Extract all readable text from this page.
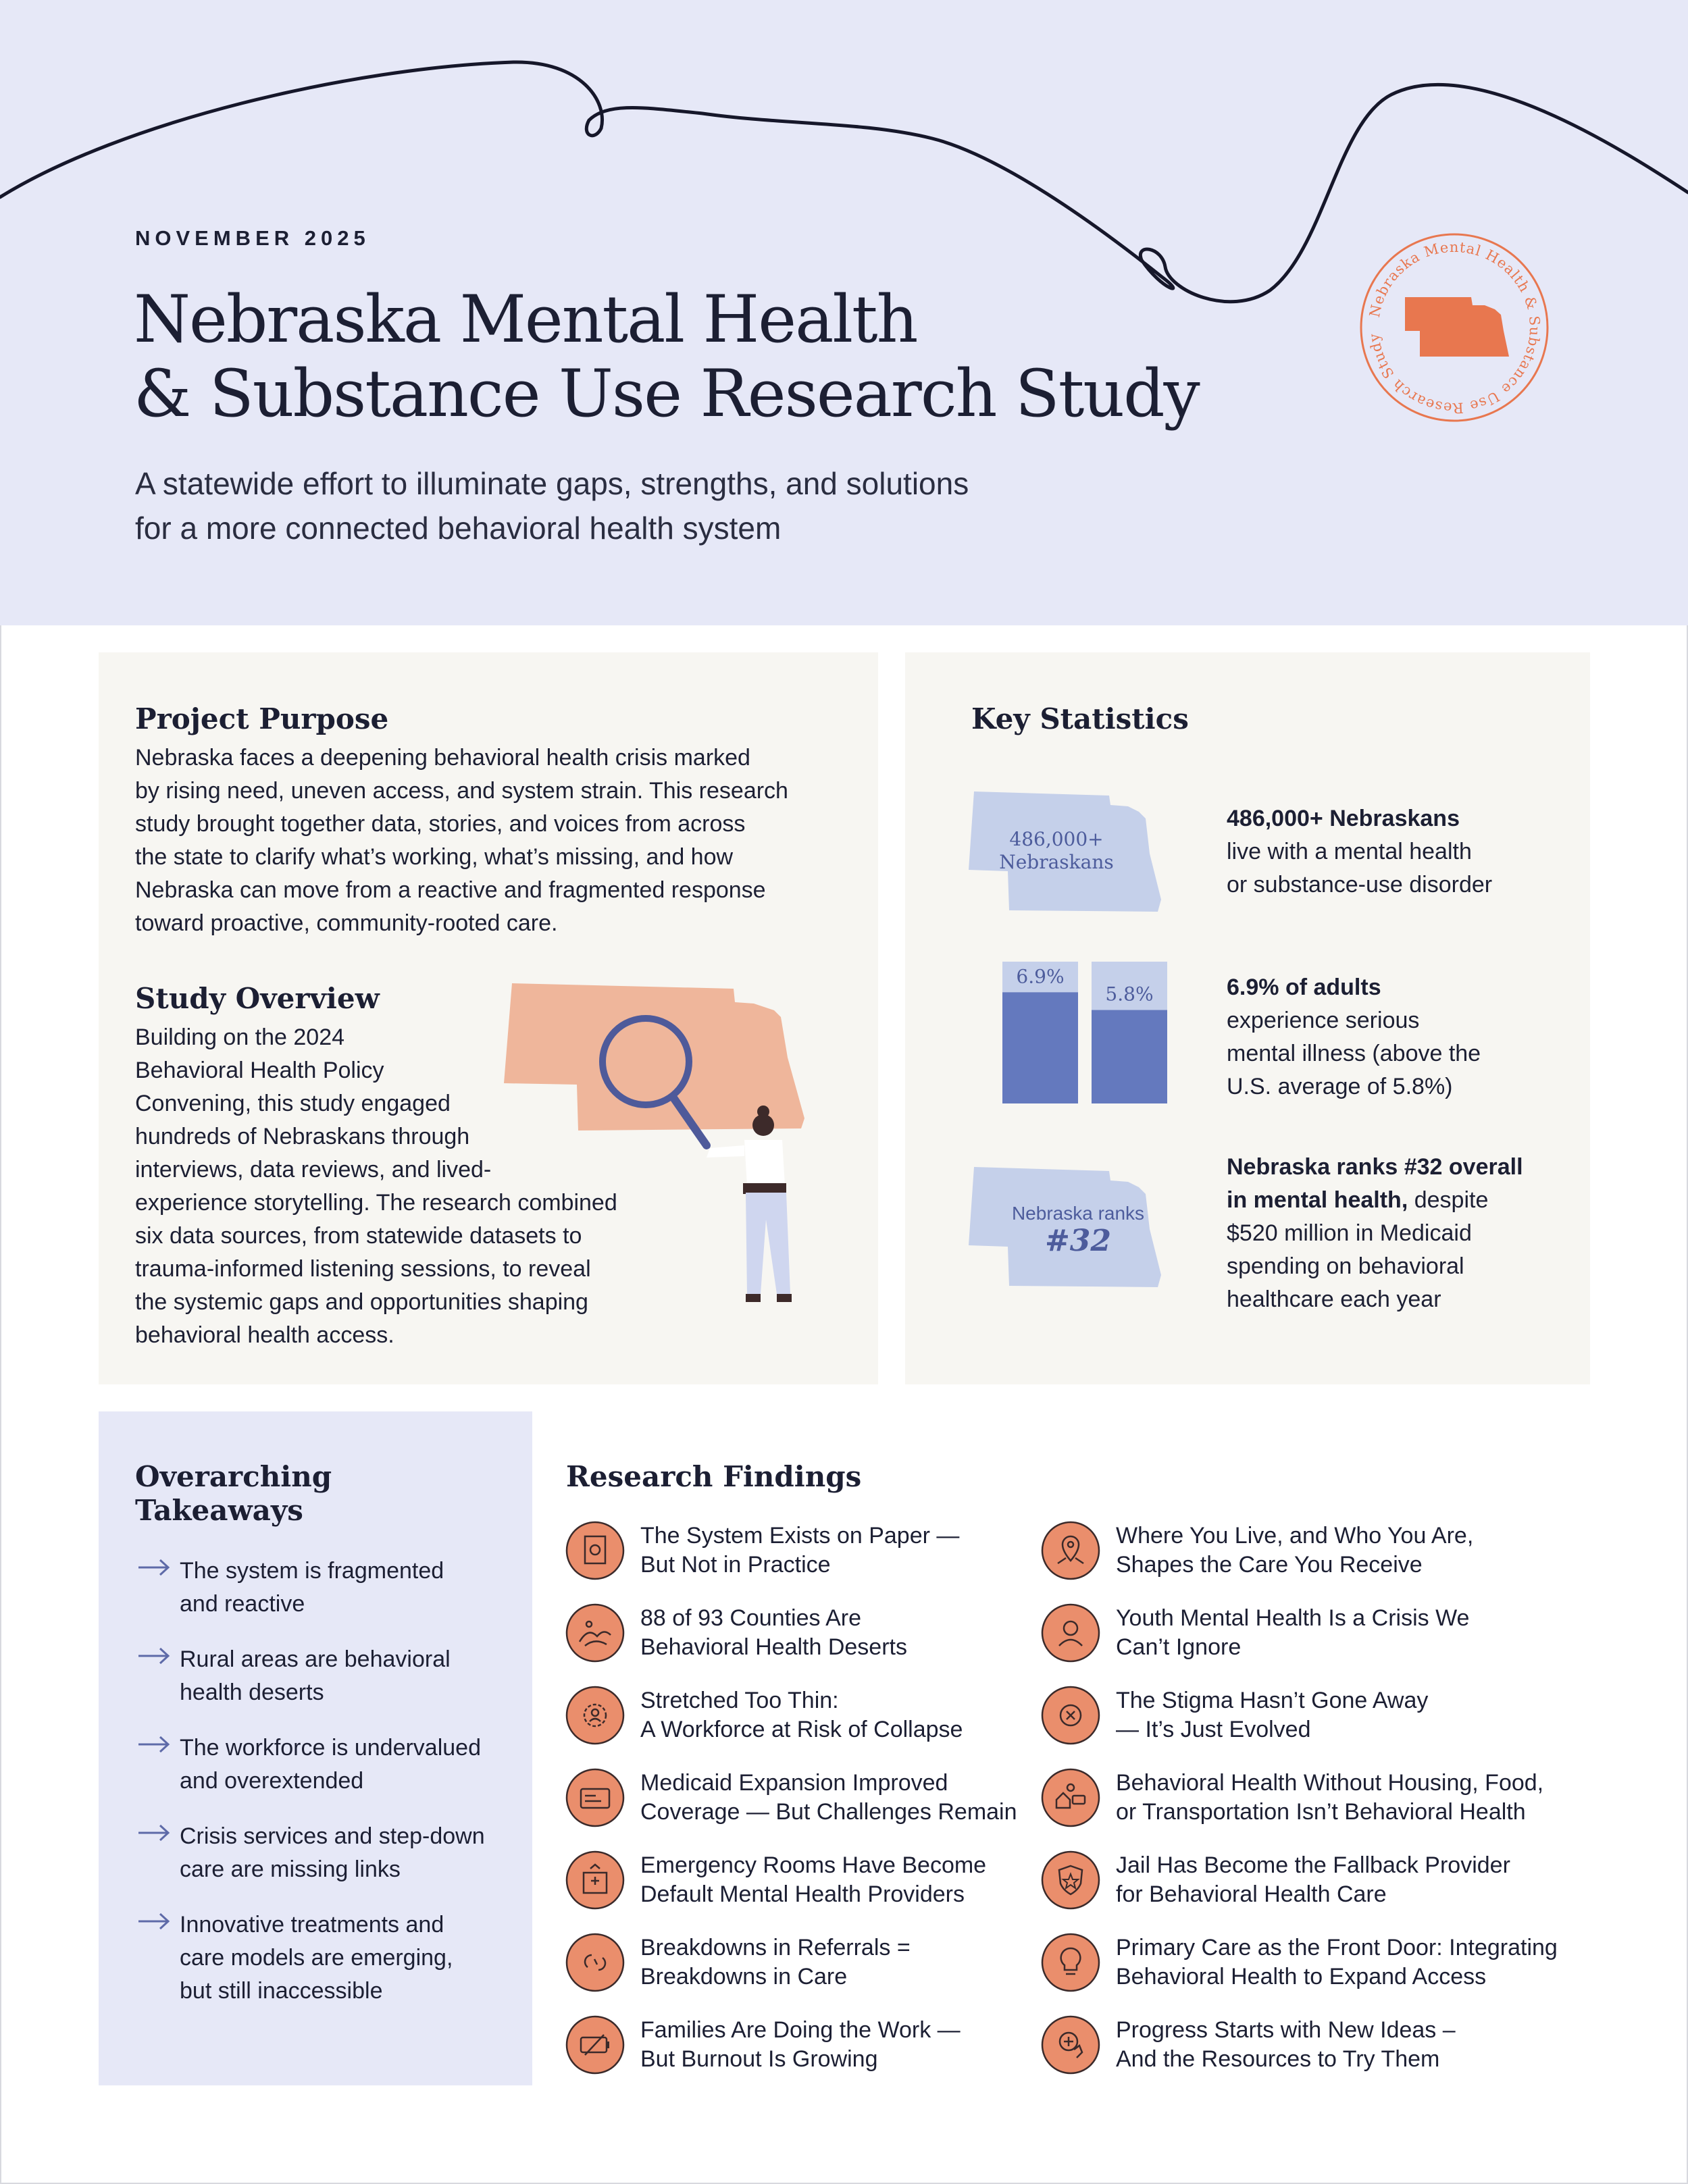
NOVEMBER 2025
Nebraska Mental Health
& Substance Use Research Study
A statewide effort to illuminate gaps, strengths, and solutions
for a more connected behavioral health system
Nebraska Mental Health & Substance Use Research Study
Project Purpose
Nebraska faces a deepening behavioral health crisis marked
by rising need, uneven access, and system strain. This research
study brought together data, stories, and voices from across
the state to clarify what’s working, what’s missing, and how
Nebraska can move from a reactive and fragmented response
toward proactive, community-rooted care.
Study Overview
Building on the 2024
Behavioral Health Policy
Convening, this study engaged
hundreds of Nebraskans through
interviews, data reviews, and lived-
experience storytelling. The research combined
six data sources, from statewide datasets to
trauma-informed listening sessions, to reveal
the systemic gaps and opportunities shaping
behavioral health access.
Key Statistics
486,000+
Nebraskans
486,000+ Nebraskans
live with a mental health
or substance-use disorder
6.9%
5.8%	6.9% of adults
experience serious
mental illness (above the
U.S. average of 5.8%)
Nebraska ranks
#32
Nebraska ranks #32 overall
in mental health, despite
$520 million in Medicaid
spending on behavioral
healthcare each year
Overarching
Takeaways
The system is fragmented
and reactive
Rural areas are behavioral
health deserts
The workforce is undervalued
and overextended
Crisis services and step-down
care are missing links
Innovative treatments and
care models are emerging,
but still inaccessible
Research Findings
The System Exists on Paper —
But Not in Practice
88 of 93 Counties Are
Behavioral Health Deserts
Stretched Too Thin:
A Workforce at Risk of Collapse
Medicaid Expansion Improved
Coverage — But Challenges Remain
Emergency Rooms Have Become
Default Mental Health Providers
Breakdowns in Referrals =
Breakdowns in Care
Families Are Doing the Work —
But Burnout Is Growing
Where You Live, and Who You Are,
Shapes the Care You Receive
Youth Mental Health Is a Crisis We
Can’t Ignore
The Stigma Hasn’t Gone Away
— It’s Just Evolved
Behavioral Health Without Housing, Food,
or Transportation Isn’t Behavioral Health
Jail Has Become the Fallback Provider
for Behavioral Health Care
Primary Care as the Front Door: Integrating
Behavioral Health to Expand Access
Progress Starts with New Ideas –
And the Resources to Try Them
